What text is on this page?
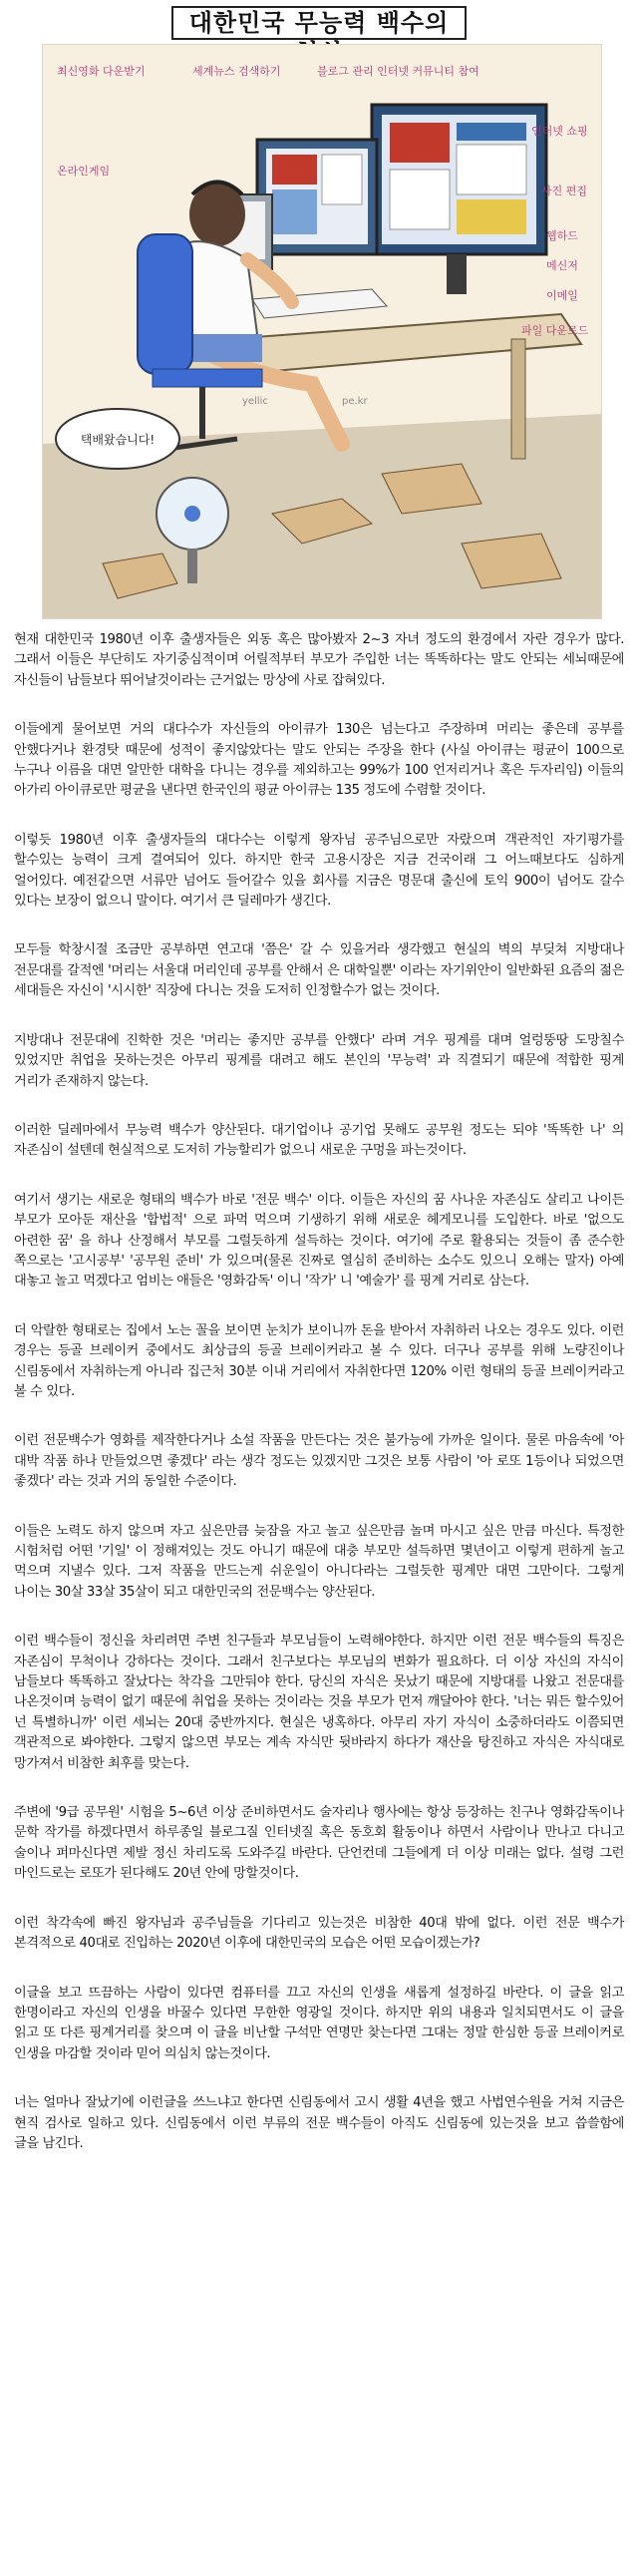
대한민국 무능력 백수의
택배왔습니다!
최신영화 다운받기	세계뉴스 검색하기	블로그 관리 인터넷 커뮤니티 참여
인터넷 쇼핑
사진 편집
웹하드
메신저
이메일
파일 다운로드
온라인게임
yellic	pe.kr

현재 대한민국 1980년 이후 출생자들은 외동 혹은 많아봤자 2~3 자녀 정도의 환경에서 자란 경우가 많다. 그래서 이들은 부단히도 자기중심적이며 어릴적부터 부모가 주입한 너는 똑똑하다는 말도 안되는 세뇌때문에 자신들이 남들보다 뛰어날것이라는 근거없는 망상에 사로 잡혀있다.

이들에게 물어보면 거의 대다수가 자신들의 아이큐가 130은 넘는다고 주장하며 머리는 좋은데 공부를 안했다거나 환경탓 때문에 성적이 좋지않았다는 말도 안되는 주장을 한다 (사실 아이큐는 평균이 100으로 누구나 이름을 대면 알만한 대학을 다니는 경우를 제외하고는 99%가 100 언저리거나 혹은 두자리임) 이들의 아가리 아이큐로만 평균을 낸다면 한국인의 평균 아이큐는 135 정도에 수렴할 것이다.

이렇듯 1980년 이후 출생자들의 대다수는 이렇게 왕자님 공주님으로만 자랐으며 객관적인 자기평가를 할수있는 능력이 크게 결여되어 있다. 하지만 한국 고용시장은 지금 건국이래 그 어느때보다도 심하게 얼어있다. 예전같으면 서류만 넘어도 들어갈수 있을 회사를 지금은 명문대 출신에 토익 900이 넘어도 갈수 있다는 보장이 없으니 말이다. 여기서 큰 딜레마가 생긴다.

모두들 학창시절 조금만 공부하면 연고대 '쯤은' 갈 수 있을거라 생각했고 현실의 벽의 부딪쳐 지방대나 전문대를 갈적엔 '머리는 서울대 머리인데 공부를 안해서 은 대학일뿐' 이라는 자기위안이 일반화된 요즘의 젊은 세대들은 자신이 '시시한' 직장에 다니는 것을 도저히 인정할수가 없는 것이다.

지방대나 전문대에 진학한 것은 '머리는 좋지만 공부를 안했다' 라며 겨우 핑계를 대며 얼렁뚱땅 도망칠수 있었지만 취업을 못하는것은 아무리 핑계를 대려고 해도 본인의 '무능력' 과 직결되기 때문에 적합한 핑계 거리가 존재하지 않는다.

이러한 딜레마에서 무능력 백수가 양산된다. 대기업이나 공기업 못해도 공무원 정도는 되야 '똑똑한 나' 의 자존심이 설텐데 현실적으로 도저히 가능할리가 없으니 새로운 구멍을 파는것이다.

여기서 생기는 새로운 형태의 백수가 바로 '전문 백수' 이다. 이들은 자신의 꿈 사나운 자존심도 살리고 나이든 부모가 모아둔 재산을 '합법적' 으로 파먹 먹으며 기생하기 위해 새로운 헤게모니를 도입한다. 바로 '없으도 아련한 꿈' 을 하나 산정해서 부모를 그럴듯하게 설득하는 것이다. 여기에 주로 활용되는 것들이 좀 준수한 쪽으로는 '고시공부' '공무원 준비' 가 있으며(물론 진짜로 열심히 준비하는 소수도 있으니 오해는 말자) 아예 대놓고 놀고 먹겠다고 엄비는 애들은 '영화감독' 이니 '작가' 니 '예술가' 를 핑계 거리로 삼는다.

더 악랄한 형태로는 집에서 노는 꼴을 보이면 눈치가 보이니까 돈을 받아서 자취하러 나오는 경우도 있다. 이런 경우는 등골 브레이커 중에서도 최상급의 등골 브레이커라고 볼 수 있다. 더구나 공부를 위해 노량진이나 신림동에서 자취하는게 아니라 집근처 30분 이내 거리에서 자취한다면 120% 이런 형태의 등골 브레이커라고 볼 수 있다.

이런 전문백수가 영화를 제작한다거나 소설 작품을 만든다는 것은 불가능에 가까운 일이다. 물론 마음속에 '아 대박 작품 하나 만들었으면 좋겠다' 라는 생각 정도는 있겠지만 그것은 보통 사람이 '아 로또 1등이나 되었으면 좋겠다' 라는 것과 거의 동일한 수준이다.

이들은 노력도 하지 않으며 자고 싶은만큼 늦잠을 자고 놀고 싶은만큼 놀며 마시고 싶은 만큼 마신다. 특정한 시험처럼 어떤 '기일' 이 정해져있는 것도 아니기 때문에 대충 부모만 설득하면 몇년이고 이렇게 편하게 놀고 먹으며 지낼수 있다. 그저 작품을 만드는게 쉬운일이 아니다라는 그럴듯한 핑계만 대면 그만이다. 그렇게 나이는 30살 33살 35살이 되고 대한민국의 전문백수는 양산된다.

이런 백수들이 정신을 차리려면 주변 친구들과 부모님들이 노력해야한다. 하지만 이런 전문 백수들의 특징은 자존심이 무척이나 강하다는 것이다. 그래서 친구보다는 부모님의 변화가 필요하다. 더 이상 자신의 자식이 남들보다 똑똑하고 잘났다는 착각을 그만둬야 한다. 당신의 자식은 못났기 때문에 지방대를 나왔고 전문대를 나온것이며 능력이 없기 때문에 취업을 못하는 것이라는 것을 부모가 먼저 깨달아야 한다. '너는 뭐든 할수있어 넌 특별하니까' 이런 세뇌는 20대 중반까지다. 현실은 냉혹하다. 아무리 자기 자식이 소중하더라도 이쯤되면 객관적으로 봐야한다. 그렇지 않으면 부모는 계속 자식만 뒷바라지 하다가 재산을 탕진하고 자식은 자식대로 망가져서 비참한 최후를 맞는다.

주변에 '9급 공무원' 시험을 5~6년 이상 준비하면서도 술자리나 행사에는 항상 등장하는 친구나 영화감독이나 문학 작가를 하겠다면서 하루종일 블로그질 인터넷질 혹은 동호회 활동이나 하면서 사람이나 만나고 다니고 술이나 퍼마신다면 제발 정신 차리도록 도와주길 바란다. 단언컨데 그들에게 더 이상 미래는 없다. 설령 그런 마인드로는 로또가 된다해도 20년 안에 망할것이다.

이런 착각속에 빠진 왕자님과 공주님들을 기다리고 있는것은 비참한 40대 밖에 없다. 이런 전문 백수가 본격적으로 40대로 진입하는 2020년 이후에 대한민국의 모습은 어떤 모습이겠는가?

이글을 보고 뜨끔하는 사람이 있다면 컴퓨터를 끄고 자신의 인생을 새롭게 설정하길 바란다. 이 글을 읽고 한명이라고 자신의 인생을 바꿀수 있다면 무한한 영광일 것이다. 하지만 위의 내용과 일치되면서도 이 글을 읽고 또 다른 핑계거리를 찾으며 이 글을 비난할 구석만 연명만 찾는다면 그대는 정말 한심한 등골 브레이커로 인생을 마감할 것이라 믿어 의심치 않는것이다.

너는 얼마나 잘났기에 이런글을 쓰느냐고 한다면 신림동에서 고시 생활 4년을 했고 사법연수원을 거쳐 지금은 현직 검사로 일하고 있다. 신림동에서 이런 부류의 전문 백수들이 아직도 신림동에 있는것을 보고 씁쓸함에 글을 남긴다.
